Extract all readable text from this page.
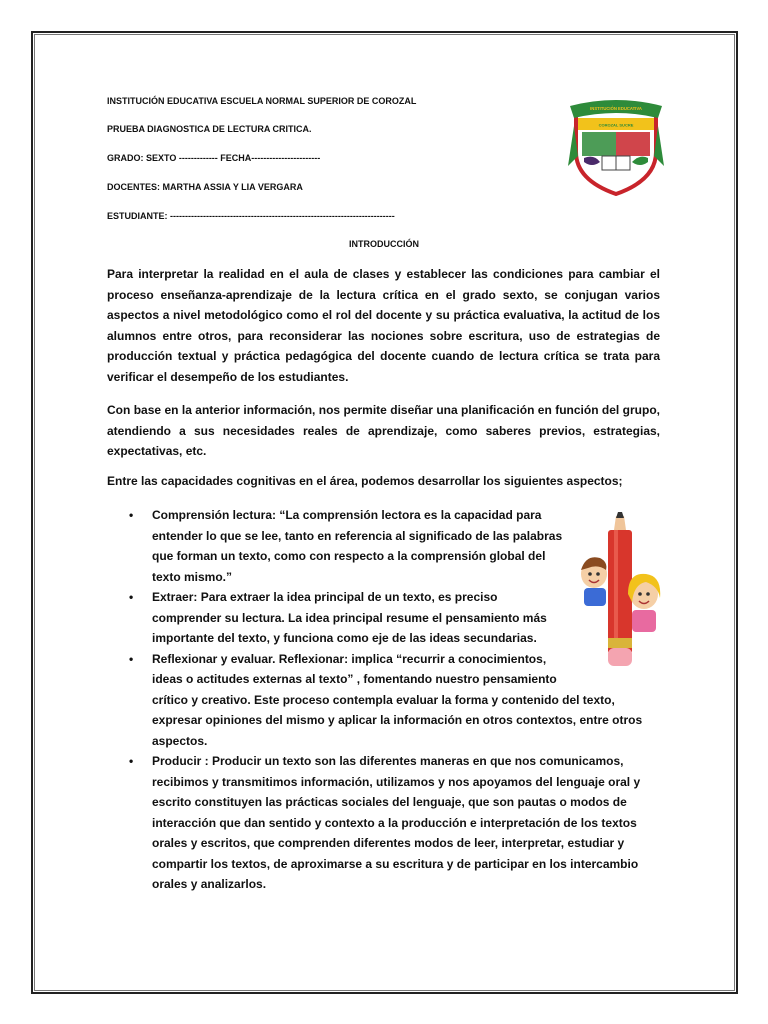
INSTITUCIÓN EDUCATIVA ESCUELA NORMAL SUPERIOR DE COROZAL
PRUEBA DIAGNOSTICA DE LECTURA CRITICA.
GRADO: SEXTO ------------- FECHA-----------------------
DOCENTES: MARTHA ASSIA Y LIA VERGARA
ESTUDIANTE: ---------------------------------------------------------------------------
INSTITUCIÓN EDUCATIVA
COROZAL SUCRE
INTRODUCCIÓN
Para interpretar la realidad en el aula de clases y establecer las condiciones para cambiar el proceso enseñanza-aprendizaje de la lectura crítica en el grado sexto, se conjugan varios aspectos a nivel metodológico como el rol del docente y su práctica evaluativa, la actitud de los alumnos entre otros, para reconsiderar las nociones sobre escritura, uso de estrategias de producción textual y práctica pedagógica del docente cuando de lectura crítica se trata para verificar el desempeño de los estudiantes.
Con base en la anterior información, nos permite diseñar una planificación en función del grupo, atendiendo a sus necesidades reales de aprendizaje, como saberes previos, estrategias, expectativas, etc.
Entre las capacidades cognitivas en el área, podemos desarrollar los siguientes aspectos;
• Comprensión lectura: “La comprensión lectora es la capacidad para
entender lo que se lee, tanto en referencia al significado de las palabras
que forman un texto, como con respecto a la comprensión global del
texto mismo.”
• Extraer: Para extraer la idea principal de un texto, es preciso
comprender su lectura. La idea principal resume el pensamiento más
importante del texto, y funciona como eje de las ideas secundarias.
• Reflexionar y evaluar. Reflexionar: implica “recurrir a conocimientos,
ideas o actitudes externas al texto” , fomentando nuestro pensamiento
crítico y creativo. Este proceso contempla evaluar la forma y contenido del texto,
expresar opiniones del mismo y aplicar la información en otros contextos, entre otros
aspectos.
• Producir : Producir un texto son las diferentes maneras en que nos comunicamos,
recibimos y transmitimos información, utilizamos y nos apoyamos del lenguaje oral y
escrito constituyen las prácticas sociales del lenguaje, que son pautas o modos de
interacción que dan sentido y contexto a la producción e interpretación de los textos
orales y escritos, que comprenden diferentes modos de leer, interpretar, estudiar y
compartir los textos, de aproximarse a su escritura y de participar en los intercambio
orales y analizarlos.
